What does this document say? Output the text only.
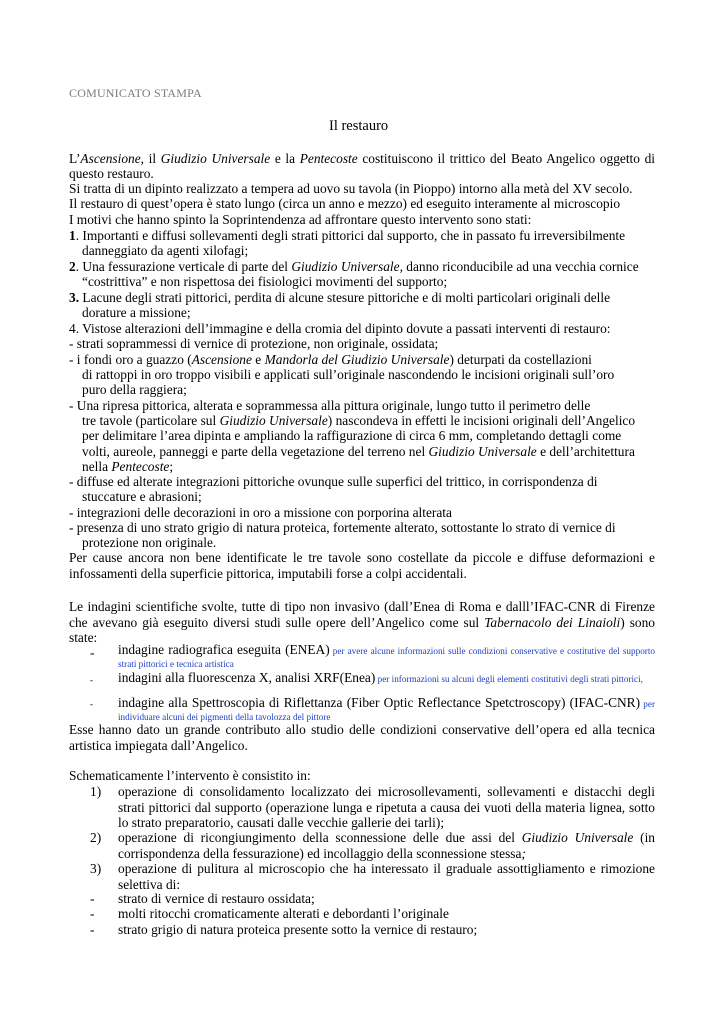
COMUNICATO STAMPA
Il restauro
L’Ascensione, il Giudizio Universale e la Pentecoste costituiscono il trittico del Beato Angelico oggetto di
questo restauro.
Si tratta di un dipinto realizzato a tempera ad uovo su tavola (in Pioppo) intorno alla metà del XV secolo.
Il restauro di quest’opera è stato lungo (circa un anno e mezzo) ed eseguito interamente al microscopio
I motivi che hanno spinto la Soprintendenza ad affrontare questo intervento sono stati:
1. Importanti e diffusi sollevamenti degli strati pittorici dal supporto, che in passato fu irreversibilmente
danneggiato da agenti xilofagi;
2. Una fessurazione verticale di parte del Giudizio Universale, danno riconducibile ad una vecchia cornice
“costrittiva” e non rispettosa dei fisiologici movimenti del supporto;
3. Lacune degli strati pittorici, perdita di alcune stesure pittoriche e di molti particolari originali delle
dorature a missione;
4. Vistose alterazioni dell’immagine e della cromia del dipinto dovute a passati interventi di restauro:
- strati soprammessi di vernice di protezione, non originale, ossidata;
- i fondi oro a guazzo (Ascensione e Mandorla del Giudizio Universale) deturpati da costellazioni
di rattoppi in oro troppo visibili e applicati sull’originale nascondendo le incisioni originali sull’oro
puro della raggiera;
- Una ripresa pittorica, alterata e soprammessa alla pittura originale, lungo tutto il perimetro delle
tre tavole (particolare sul Giudizio Universale) nascondeva in effetti le incisioni originali dell’Angelico
per delimitare l’area dipinta e ampliando la raffigurazione di circa 6 mm, completando dettagli come
volti, aureole, panneggi e parte della vegetazione del terreno nel Giudizio Universale e dell’architettura
nella Pentecoste;
- diffuse ed alterate integrazioni pittoriche ovunque sulle superfici del trittico, in corrispondenza di
stuccature e abrasioni;
- integrazioni delle decorazioni in oro a missione con porporina alterata
- presenza di uno strato grigio di natura proteica, fortemente alterato, sottostante lo strato di vernice di
protezione non originale.
Per cause ancora non bene identificate le tre tavole sono costellate da piccole e diffuse deformazioni e infossamenti della superficie pittorica, imputabili forse a colpi accidentali.
Le indagini scientifiche svolte, tutte di tipo non invasivo (dall’Enea di Roma e dalll’IFAC-CNR di Firenze che avevano già eseguito diversi studi sulle opere dell’Angelico come sul Tabernacolo dei Linaioli) sono state:
- indagine radiografica eseguita (ENEA) per avere alcune informazioni sulle condizioni conservative e costitutive del supporto strati pittorici e tecnica artistica
- indagini alla fluorescenza X, analisi XRF(Enea) per informazioni su alcuni degli elementi costitutivi degli strati pittorici,
- indagine alla Spettroscopia di Riflettanza (Fiber Optic Reflectance Spetctroscopy) (IFAC-CNR) per individuare alcuni dei pigmenti della tavolozza del pittore
Esse hanno dato un grande contributo allo studio delle condizioni conservative dell’opera ed alla tecnica artistica impiegata dall’Angelico.
Schematicamente l’intervento è consistito in:
1) operazione di consolidamento localizzato dei microsollevamenti, sollevamenti e distacchi degli strati pittorici dal supporto (operazione lunga e ripetuta a causa dei vuoti della materia lignea, sotto lo strato preparatorio, causati dalle vecchie gallerie dei tarli);
2) operazione di ricongiungimento della sconnessione delle due assi del Giudizio Universale (in corrispondenza della fessurazione) ed incollaggio della sconnessione stessa;
3) operazione di pulitura al microscopio che ha interessato il graduale assottigliamento e rimozione selettiva di:
- strato di vernice di restauro ossidata;
- molti ritocchi cromaticamente alterati e debordanti l’originale
- strato grigio di natura proteica presente sotto la vernice di restauro;
